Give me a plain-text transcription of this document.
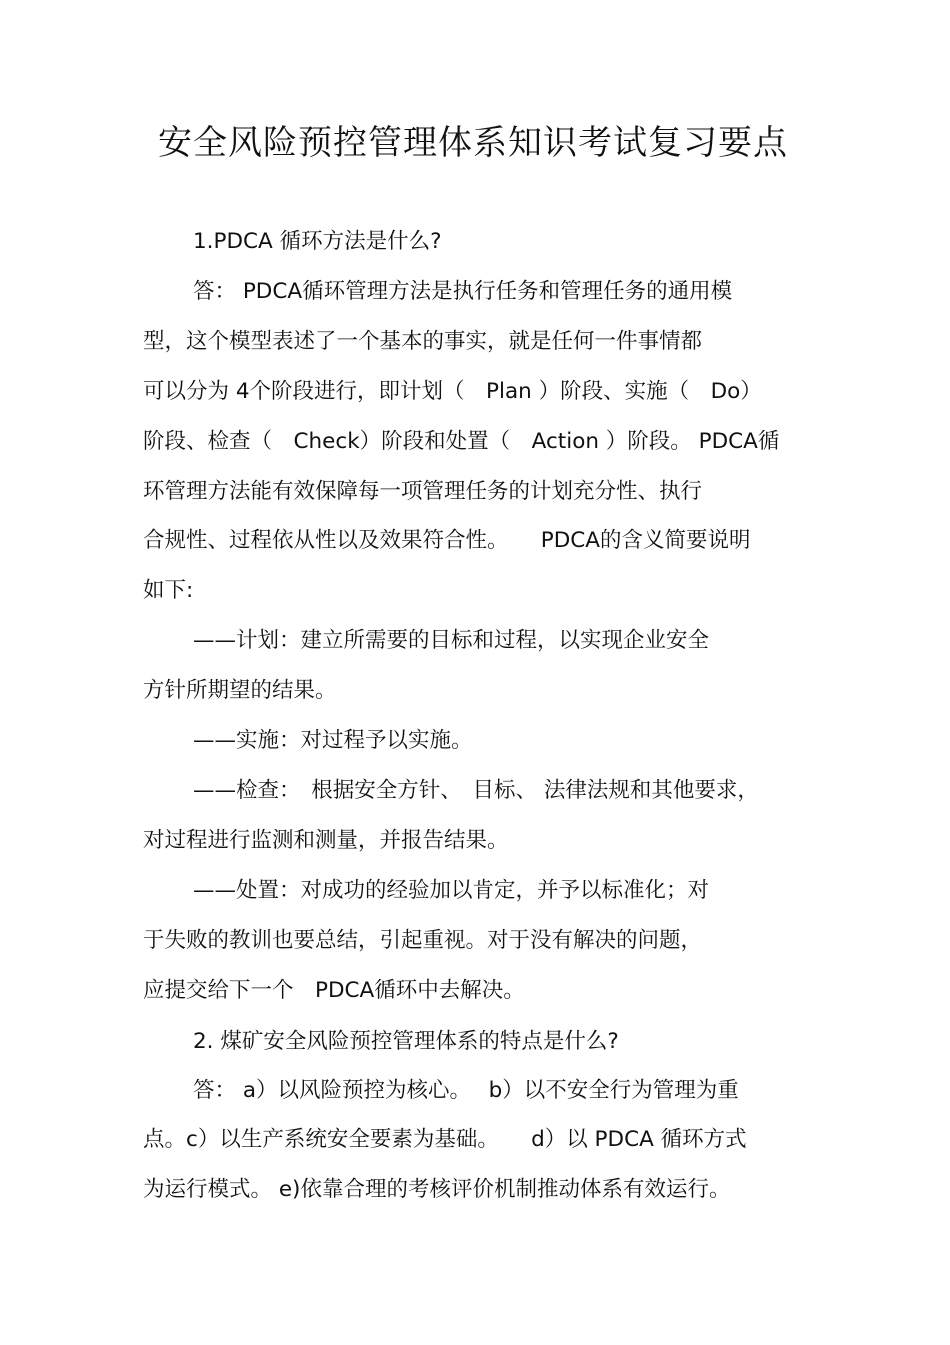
安全风险预控管理体系知识考试复习要点
1.PDCA 循环方法是什么?
答： PDCA循环管理方法是执行任务和管理任务的通用模
型，这个模型表述了一个基本的事实，就是任何一件事情都
可以分为 4个阶段进行，即计划（　Plan ）阶段、实施（　Do）
阶段、检查（　Check）阶段和处置（　Action ）阶段。 PDCA循
环管理方法能有效保障每一项管理任务的计划充分性、执行
合规性、过程依从性以及效果符合性。　　PDCA的含义简要说明
如下:
——计划：建立所需要的目标和过程，以实现企业安全
方针所期望的结果。
——实施：对过程予以实施。
——检查：　根据安全方针、　目标、 法律法规和其他要求，
对过程进行监测和测量，并报告结果。
——处置：对成功的经验加以肯定，并予以标准化；对
于失败的教训也要总结，引起重视。对于没有解决的问题，
应提交给下一个　PDCA循环中去解决。
2. 煤矿安全风险预控管理体系的特点是什么?
答： a）以风险预控为核心。　 b）以不安全行为管理为重
点。c）以生产系统安全要素为基础。　　d）以 PDCA 循环方式
为运行模式。 e)依靠合理的考核评价机制推动体系有效运行。
